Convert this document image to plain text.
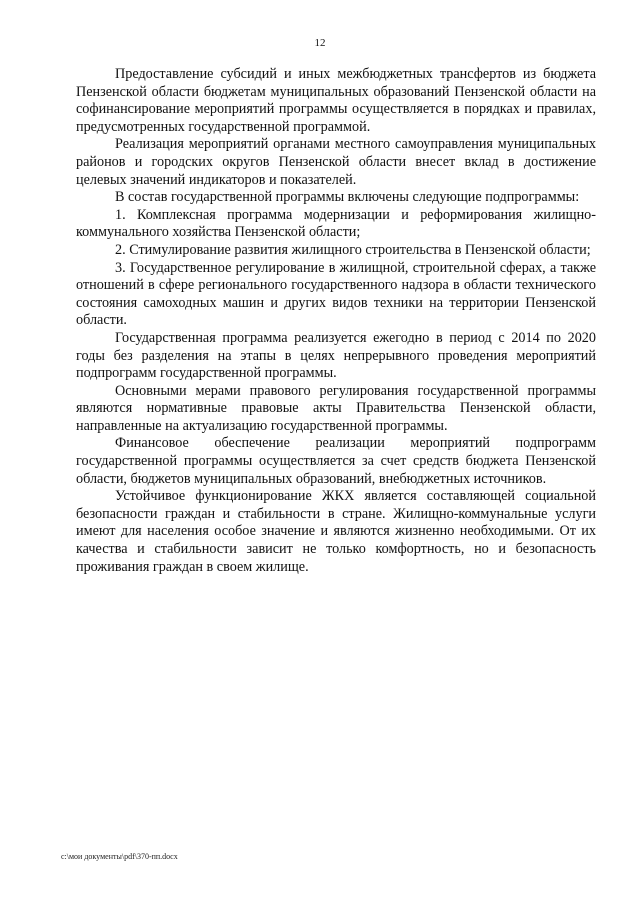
12

Предоставление субсидий и иных межбюджетных трансфертов из бюджета Пензенской области бюджетам муниципальных образований Пензенской области на софинансирование мероприятий программы осуществляется в порядках и правилах, предусмотренных государственной программой.

Реализация мероприятий органами местного самоуправления муниципальных районов и городских округов Пензенской области внесет вклад в достижение целевых значений индикаторов и показателей.

В состав государственной программы включены следующие подпрограммы:

1. Комплексная программа модернизации и реформирования жилищно-коммунального хозяйства Пензенской области;

2. Стимулирование развития жилищного строительства в Пензенской области;

3. Государственное регулирование в жилищной, строительной сферах, а также отношений в сфере регионального государственного надзора в области технического состояния самоходных машин и других видов техники на территории Пензенской области.

Государственная программа реализуется ежегодно в период с 2014 по 2020 годы без разделения на этапы в целях непрерывного проведения мероприятий подпрограмм государственной программы.

Основными мерами правового регулирования государственной программы являются нормативные правовые акты Правительства Пензенской области, направленные на актуализацию государственной программы.

Финансовое обеспечение реализации мероприятий подпрограмм государственной программы осуществляется за счет средств бюджета Пензенской области, бюджетов муниципальных образований, внебюджетных источников.

Устойчивое функционирование ЖКХ является составляющей социальной безопасности граждан и стабильности в стране. Жилищно-коммунальные услуги имеют для населения особое значение и являются жизненно необходимыми. От их качества и стабильности зависит не только комфортность, но и безопасность проживания граждан в своем жилище.

c:\мои документы\pdf\370-пп.docx
